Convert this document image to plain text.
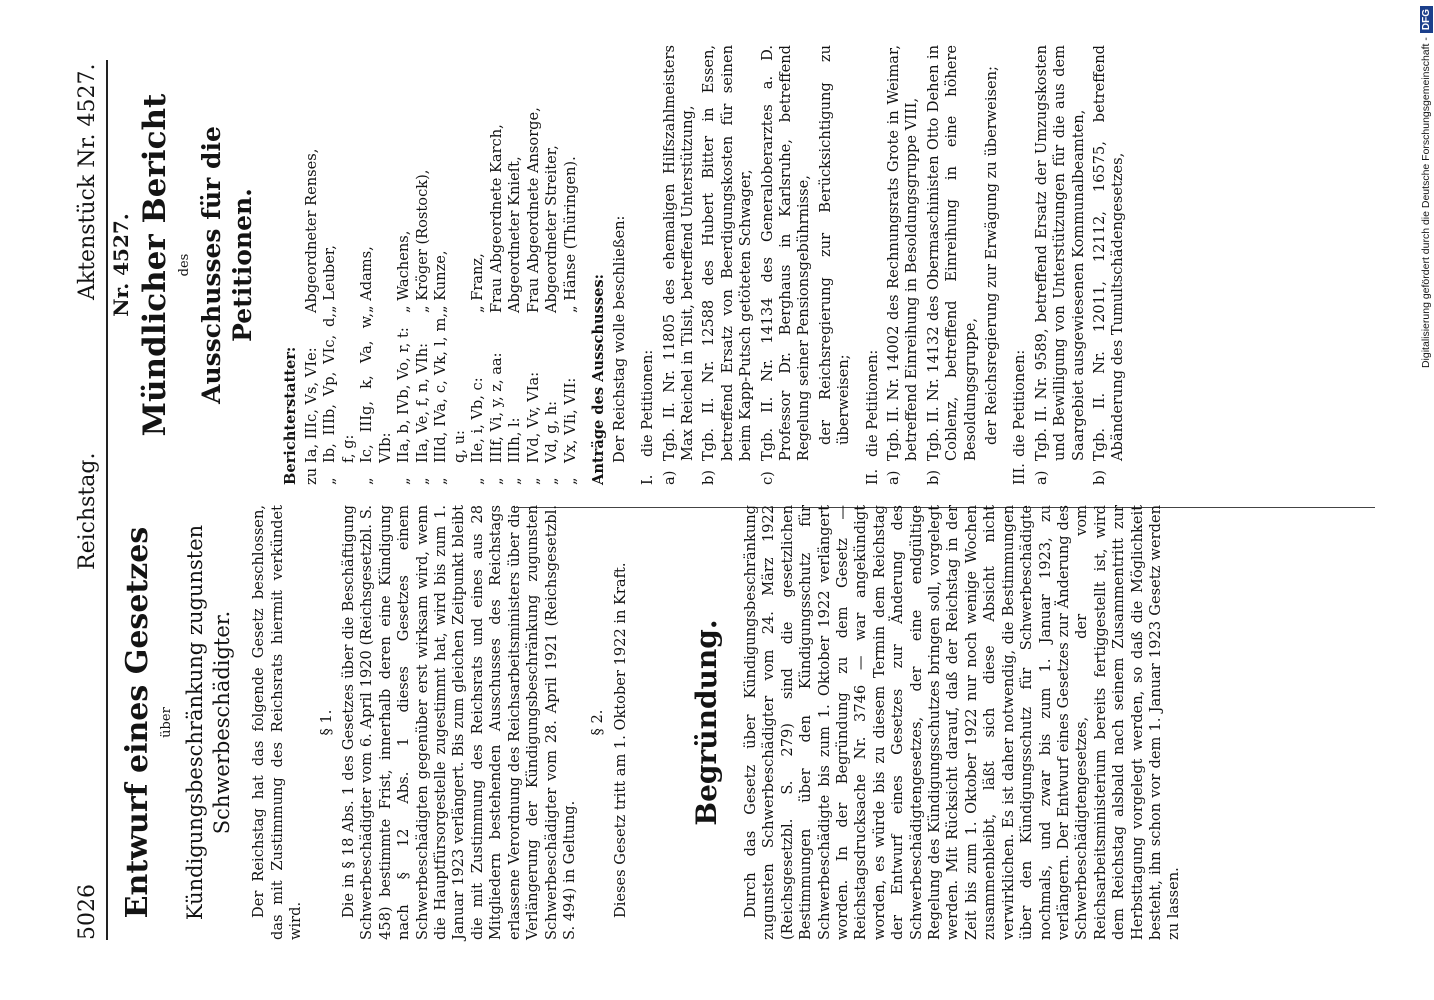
5026
Reichstag.
Aktenstück Nr. 4527.
Entwurf eines Gesetzes über Kündigungsbeschränkung zugunsten Schwerbeschädigter. Der Reichstag hat das folgende Gesetz beschlossen, das mit Zustimmung des Reichsrats hiermit verkündet wird.
§ 1. Die in § 18 Abs. 1 des Gesetzes über die Beschäftigung Schwerbeschädigter vom 6. April 1920 (Reichsgesetzbl. S. 458) bestimmte Frist, innerhalb deren eine Kündigung nach § 12 Abs. 1 dieses Gesetzes einem Schwerbeschädigten gegenüber erst wirksam wird, wenn die Hauptfürsorgestelle zugestimmt hat, wird bis zum 1. Januar 1923 verlängert. Bis zum gleichen Zeitpunkt bleibt die mit Zustimmung des Reichsrats und eines aus 28 Mitgliedern bestehenden Ausschusses des Reichstags erlassene Verordnung des Reichsarbeitsministers über die Verlängerung der Kündigungsbeschränkung zugunsten Schwerbeschädigter vom 28. April 1921 (Reichsgesetzbl. S. 494) in Geltung.
§ 2. Dieses Gesetz tritt am 1. Oktober 1922 in Kraft. Begründung. Durch das Gesetz über Kündigungsbeschränkung zugunsten Schwerbeschädigter vom 24. März 1922 (Reichsgesetzbl. S. 279) sind die gesetzlichen Bestimmungen über den Kündigungsschutz für Schwerbeschädigte bis zum 1. Oktober 1922 verlängert worden. In der Begründung zu dem Gesetz — Reichstagsdrucksache Nr. 3746 — war angekündigt worden, es würde bis zu diesem Termin dem Reichstag der Entwurf eines Gesetzes zur Änderung des Schwerbeschädigtengesetzes, der eine endgültige Regelung des Kündigungsschutzes bringen soll, vorgelegt werden. Mit Rücksicht darauf, daß der Reichstag in der Zeit bis zum 1. Oktober 1922 nur noch wenige Wochen zusammenbleibt, läßt sich diese Absicht nicht verwirklichen. Es ist daher notwendig, die Bestimmungen über den Kündigungsschutz für Schwerbeschädigte nochmals, und zwar bis zum 1. Januar 1923, zu verlängern. Der Entwurf eines Gesetzes zur Änderung des Schwerbeschädigtengesetzes, der vom Reichsarbeitsministerium bereits fertiggestellt ist, wird dem Reichstag alsbald nach seinem Zusammentritt zur Herbsttagung vorgelegt werden, so daß die Möglichkeit besteht, ihn schon vor dem 1. Januar 1923 Gesetz werden zu lassen.
Nr. 4527. Mündlicher Bericht des Ausschusses für die Petitionen.
Berichterstatter: zu
Ia, IIIc, Vs, VIe:
Abgeordneter Renses,
„
Ib, IIIb, Vp, VIc, d, f, g:
„ Leuber,
„
Ic, IIIg, k, Va, w, VIb:
„ Adams,
„
IIa, b, IVb, Vo, r, t:
„ Wachens,
„
IIa, Ve, f, n, VIh:
„ Kröger (Rostock),
„
IIId, IVa, c, Vk, l, m, q, u:
„ Kunze,
„
IIe, i, Vb, c:
„ Franz,
„
IIIf, Vi, y, z, aa:
Frau Abgeordnete Karch,
„
IIIh, l:
Abgeordneter Knieſt,
„
IVd, Vv, VIa:
Frau Abgeordnete Ansorge,
„
Vd, g, h:
Abgeordneter Streiter,
„
Vx, VIi, VII:
„ Hänse (Thüringen).
Anträge des Ausschusses: Der Reichstag wolle beschließen:
I.
die Petitionen:
a)
Tgb. II. Nr. 11805 des ehemaligen Hilfszahlmeisters Max Reichel in Tilsit, betreffend Unterstützung,
b)
Tgb. II. Nr. 12588 des Hubert Bitter in Essen, betreffend Ersatz von Beerdigungskosten für seinen beim Kapp-Putsch getöteten Schwager,
c)
Tgb. II. Nr. 14134 des Generaloberarztes a. D. Professor Dr. Berghaus in Karlsruhe, betreffend Regelung seiner Pensionsgebührnisse, der Reichsregierung zur Berücksichtigung zu überweisen;
II.
die Petitionen:
a)
Tgb. II. Nr. 14002 des Rechnungsrats Grote in Weimar, betreffend Einreihung in Besoldungsgruppe VIII,
b)
Tgb. II. Nr. 14132 des Obermaschinisten Otto Dehen in Coblenz, betreffend Einreihung in eine höhere Besoldungsgruppe, der Reichsregierung zur Erwägung zu überweisen;
III.
die Petitionen:
a)
Tgb. II. Nr. 9589, betreffend Ersatz der Umzugskosten und Bewilligung von Unterstützungen für die aus dem Saargebiet ausgewiesenen Kommunalbeamten,
b)
Tgb. II. Nr. 12011, 12112, 16575, betreffend Abänderung des Tumultschädengesetzes,	Digitalisierung gefördert durch die Deutsche Forschungsgemeinschaft -DFG
